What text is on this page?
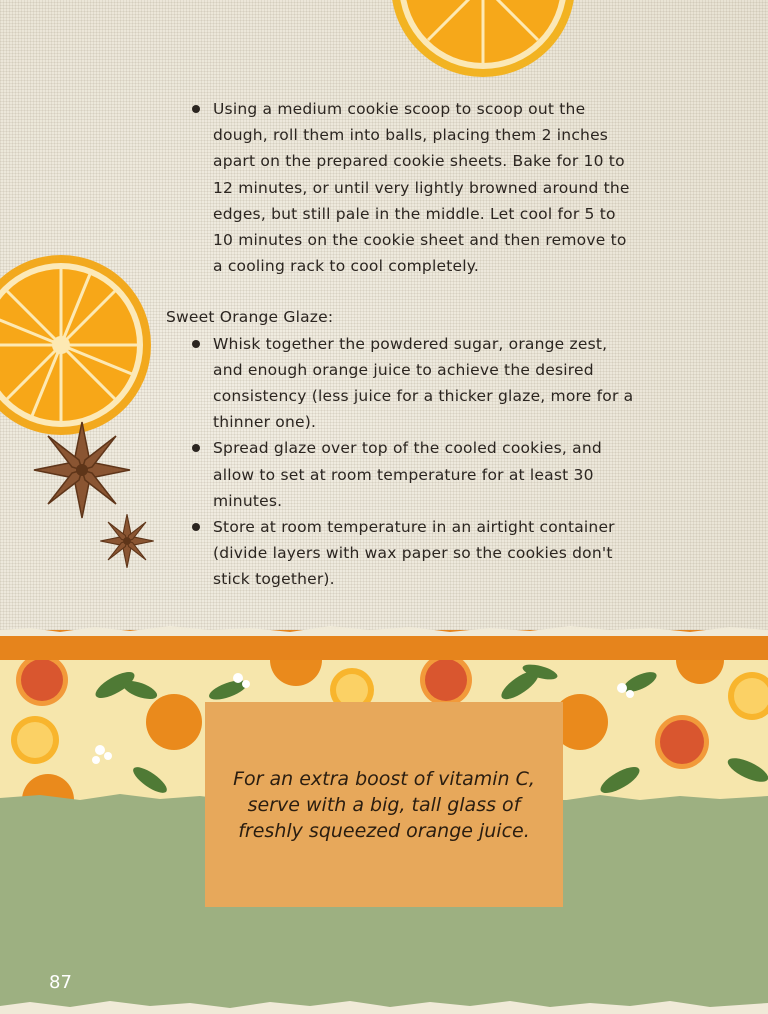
Using a medium cookie scoop to scoop out the dough, roll them into balls, placing them 2 inches apart on the prepared cookie sheets. Bake for 10 to 12 minutes, or until very lightly browned around the edges, but still pale in the middle. Let cool for 5 to 10 minutes on the cookie sheet and then remove to a cooling rack to cool completely.
Sweet Orange Glaze:
Whisk together the powdered sugar, orange zest, and enough orange juice to achieve the desired consistency (less juice for a thicker glaze, more for a thinner one).
Spread glaze over top of the cooled cookies, and allow to set at room temperature for at least 30 minutes.
Store at room temperature in an airtight container (divide layers with wax paper so the cookies don't stick together).

For an extra boost of vitamin C, serve with a big, tall glass of freshly squeezed orange juice.

87
